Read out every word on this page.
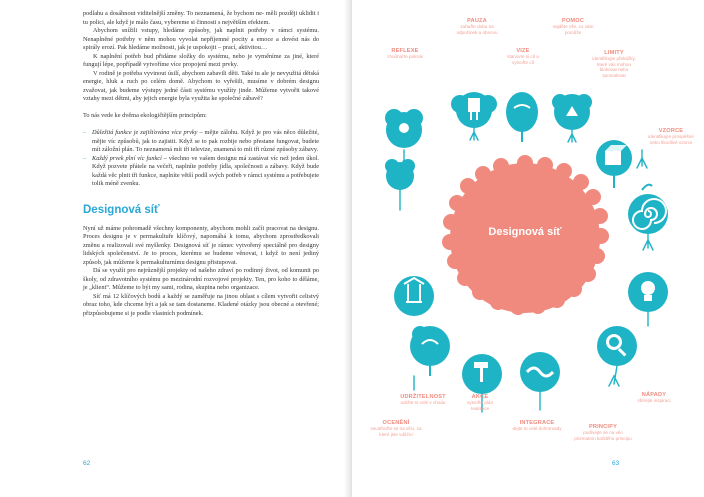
podlahu a dosáhnout viditelnější změny. To neznamená, že bychom ne- měli později uklidit i tu polici, ale když je málo času, vybereme si činnosti s největším efektem.

Abychom snížili vstupy, hledáme způsoby, jak naplnit potřeby v rámci systému. Nenaplněné potřeby v něm mohou vyvolat nepříjemné pocity a emoce a dovést nás do spirály erozí. Pak hledáme možnosti, jak je uspokojit – prací, aktivitou…

K naplnění potřeb bud přidáme složky do systému, nebo je vyměníme za jiné, které fungují lépe, popřípadě vytvoříme více propojení mezi prvky.

V rodině je potřeba vyvinout úsilí, abychom zabavili děti. Také tu ale je nevyužitá dětská energie, hluk a ruch po celém domě. Abychom to vyřešili, musíme v dobrém designu zvažovat, jak budeme výstupy jedné části systému využíty jinde. Můžeme vytvořit takové vztahy mezi dětmi, aby jejich energie byla využita ke společné zábavě?

To nás vede ke dvěma ekologičtějším principům:

– Důležitá funkce je zajišťována více prvky – mějte zálohu. Když je pro vás něco důležité, mějte víc způsobů, jak to zajistit. Když se to pak rozbije nebo přestane fungovat, budete mít záložní plán. To neznamená mít tři televize, znamená to mít tři různé způsoby zábavy.
– Každý prvek plní víc funkcí – všechno ve vašem designu má zastávat víc než jeden úkol. Když pozvete přátele na večeři, naplníte potřeby jídla, společnosti a zábavy. Když bude každá věc plnit tři funkce, naplníte větší podíl svých potřeb v rámci systému a potřebujete tolik méně zvenku.
Designová síť

Nyní už máme pohromadě všechny komponenty, abychom mohli začít pracovat na designu. Proces designu je v permakultuře klíčový, napomáhá k tomu, abychom zprostředkovali změnu a realizovali své myšlenky. Designová síť je rámec vytvořený speciálně pro designy lidských společenství. Je to proces, kterému se budeme věnovat, i když to není jediný způsob, jak můžeme k permakulturnímu designu přistupovat.

Dá se využít pro nejrůznější projekty od našeho zdraví po rodinný život, od komunit po školy, od zdravotního systému po mezinárodní rozvojové projekty. Ten, pro koho to děláme, je „klient“. Můžeme to být my sami, rodina, skupina nebo organizace.

Síť má 12 klíčových bodů a každý se zaměřuje na jinou oblast s cílem vytvořit celistvý obraz toho, kde chceme být a jak se tam dostaneme. Kladené otázky jsou obecné a otevřené; přizpůsobujeme si je podle vlastních podmínek.

62
Designová síť
PAUZA
zařaďte dobu na odpočinek a obnovu
POMOC
najděte vše, co vám pomůže
REFLEXE
zhodnoťte pokrok
VIZE
stanovte si cíl a vytvořte cíl
LIMITY
identifikujte překážky, které vás mohou blokovat nebo zpomalovat
VZORCE
identifikujte prospěšné nebo škodlivé vzorce
NÁPADY
sbírejte inspiraci
PRINCIPY
podívejte se na věc prizmatem každého principu
INTEGRACE
dejte to celé dohromady
AKCE
vytvořte plán realizace
UDRŽITELNOST
udržte to celé v chodu
OCENĚNÍ
soustřeďte se na věci, za které jste vděční
63
